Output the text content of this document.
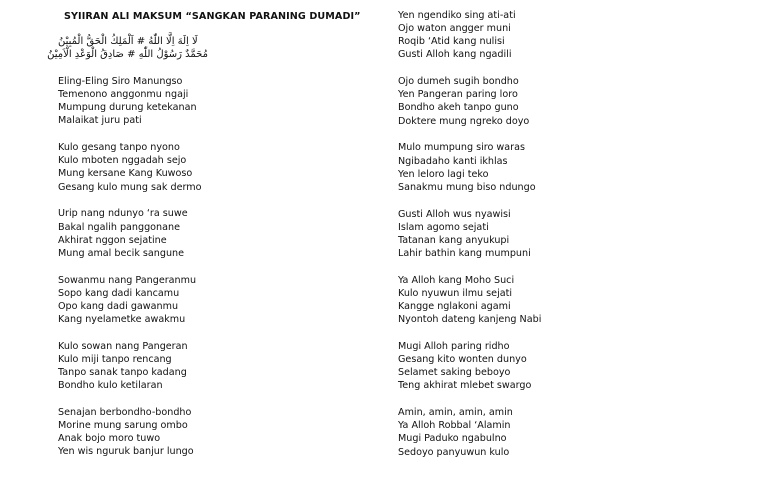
SYIIRAN ALI MAKSUM “SANGKAN PARANING DUMADI”
لَا اِلَهَ اِلَّا اللّٰهُ # اَلْمَلِكُ الْحَقُّ الْمُبِيْنُ
مُحَمَّدٌ رَسُوْلُ اللّٰهِ # صَادِقُ الْوَعْدِ الْاَمِيْنُ
Eling-Eling Siro Manungso
Temenono anggonmu ngaji
Mumpung durung ketekanan
Malaikat juru pati
Kulo gesang tanpo nyono
Kulo mboten nggadah sejo
Mung kersane Kang Kuwoso
Gesang kulo mung sak dermo
Urip nang ndunyo ‘ra suwe
Bakal ngalih panggonane
Akhirat nggon sejatine
Mung amal becik sangune
Sowanmu nang Pangeranmu
Sopo kang dadi kancamu
Opo kang dadi gawanmu
Kang nyelametke awakmu
Kulo sowan nang Pangeran
Kulo miji tanpo rencang
Tanpo sanak tanpo kadang
Bondho kulo ketilaran
Senajan berbondho-bondho
Morine mung sarung ombo
Anak bojo moro tuwo
Yen wis nguruk banjur lungo
Yen ngendiko sing ati-ati
Ojo waton angger muni
Roqib ‘Atid kang nulisi
Gusti Alloh kang ngadili
Ojo dumeh sugih bondho
Yen Pangeran paring loro
Bondho akeh tanpo guno
Doktere mung ngreko doyo
Mulo mumpung siro waras
Ngibadaho kanti ikhlas
Yen leloro lagi teko
Sanakmu mung biso ndungo
Gusti Alloh wus nyawisi
Islam agomo sejati
Tatanan kang anyukupi
Lahir bathin kang mumpuni
Ya Alloh kang Moho Suci
Kulo nyuwun ilmu sejati
Kangge nglakoni agami
Nyontoh dateng kanjeng Nabi
Mugi Alloh paring ridho
Gesang kito wonten dunyo
Selamet saking beboyo
Teng akhirat mlebet swargo
Amin, amin, amin, amin
Ya Alloh Robbal ‘Alamin
Mugi Paduko ngabulno
Sedoyo panyuwun kulo
